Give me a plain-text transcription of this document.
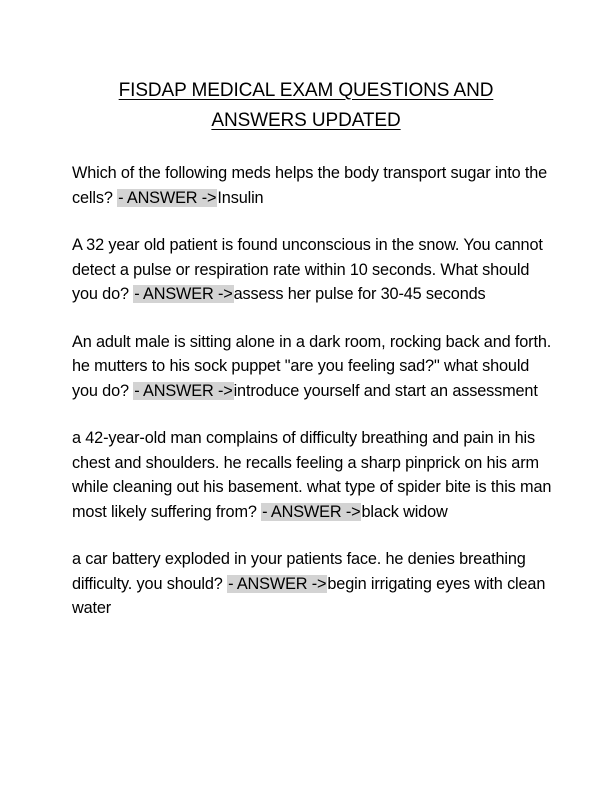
FISDAP MEDICAL EXAM QUESTIONS AND
ANSWERS UPDATED

Which of the following meds helps the body transport sugar into the cells? - ANSWER ->Insulin

A 32 year old patient is found unconscious in the snow. You cannot detect a pulse or respiration rate within 10 seconds. What should you do? - ANSWER ->assess her pulse for 30-45 seconds

An adult male is sitting alone in a dark room, rocking back and forth. he mutters to his sock puppet "are you feeling sad?" what should you do? - ANSWER ->introduce yourself and start an assessment

a 42-year-old man complains of difficulty breathing and pain in his chest and shoulders. he recalls feeling a sharp pinprick on his arm while cleaning out his basement. what type of spider bite is this man most likely suffering from? - ANSWER ->black widow

a car battery exploded in your patients face. he denies breathing difficulty. you should? - ANSWER ->begin irrigating eyes with clean water
